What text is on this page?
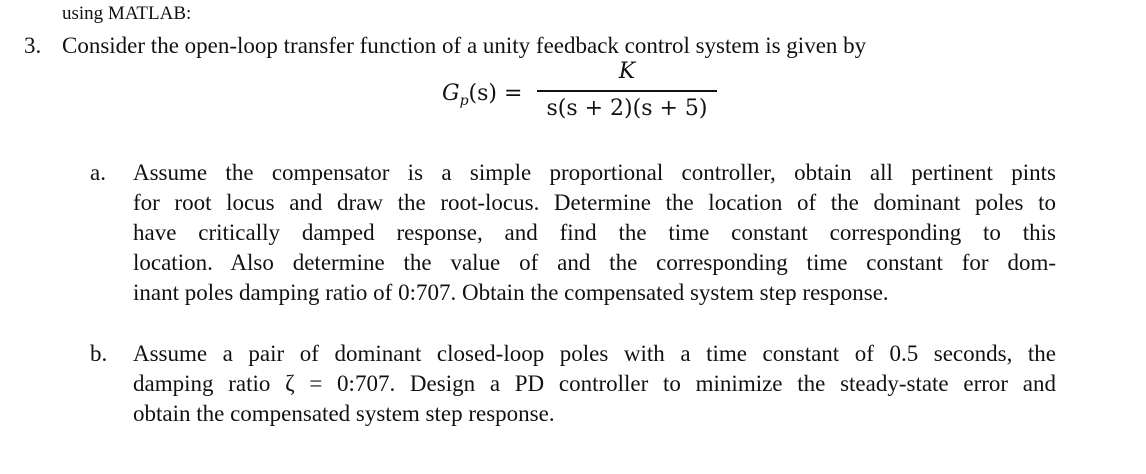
using MATLAB:
3. Consider the open-loop transfer function of a unity feedback control system is given by
$G_p(s)$ =
K
s(s + 2)(s + 5)
a. Assume the compensator is a simple proportional controller, obtain all pertinent pints
for root locus and draw the root-locus. Determine the location of the dominant poles to
have critically damped response, and find the time constant corresponding to this
location. Also determine the value of and the corresponding time constant for dom-
inant poles damping ratio of 0:707. Obtain the compensated system step response.
b. Assume a pair of dominant closed-loop poles with a time constant of 0.5 seconds, the
damping ratio ζ = 0:707. Design a PD controller to minimize the steady-state error and
obtain the compensated system step response.
